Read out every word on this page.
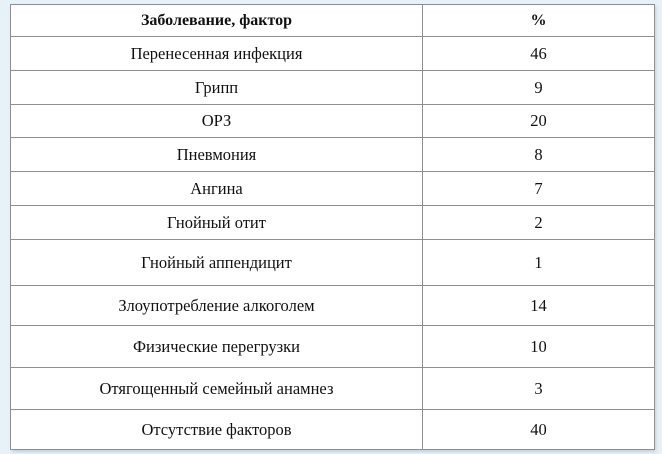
Заболевание, фактор	%
Перенесенная инфекция	46
Грипп	9
ОРЗ	20
Пневмония	8
Ангина	7
Гнойный отит	2
Гнойный аппендицит	1
Злоупотребление алкоголем	14
Физические перегрузки	10
Отягощенный семейный анамнез	3
Отсутствие факторов	40
